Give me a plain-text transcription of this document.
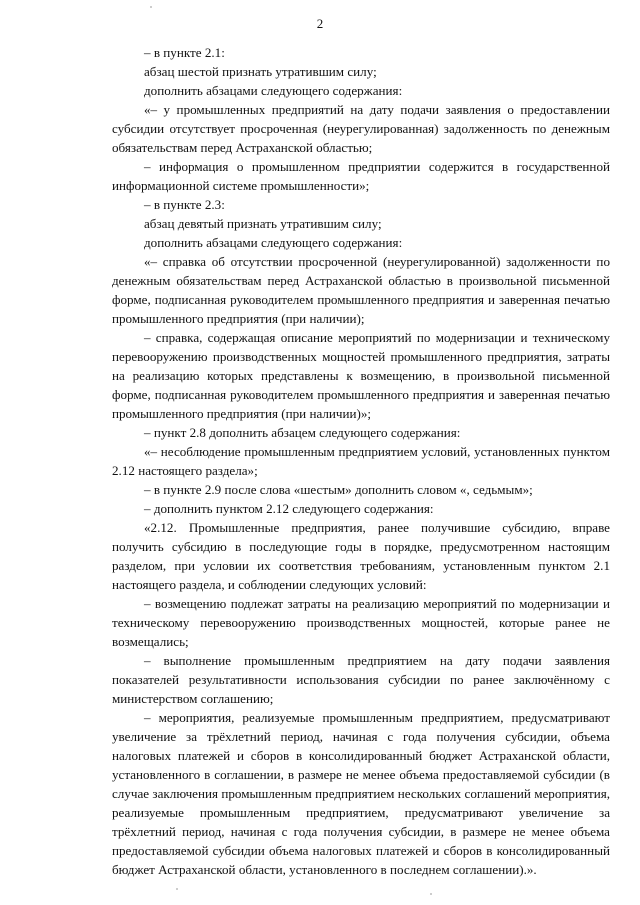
2

– в пункте 2.1:

абзац шестой признать утратившим силу;

дополнить абзацами следующего содержания:

«– у промышленных предприятий на дату подачи заявления о предоставлении субсидии отсутствует просроченная (неурегулированная) задолженность по денежным обязательствам перед Астраханской областью;

– информация о промышленном предприятии содержится в государственной информационной системе промышленности»;

– в пункте 2.3:

абзац девятый признать утратившим силу;

дополнить абзацами следующего содержания:

«– справка об отсутствии просроченной (неурегулированной) задолженности по денежным обязательствам перед Астраханской областью в произвольной письменной форме, подписанная руководителем промышленного предприятия и заверенная печатью промышленного предприятия (при наличии);

– справка, содержащая описание мероприятий по модернизации и техническому перевооружению производственных мощностей промышленного предприятия, затраты на реализацию которых представлены к возмещению, в произвольной письменной форме, подписанная руководителем промышленного предприятия и заверенная печатью промышленного предприятия (при наличии)»;

– пункт 2.8 дополнить абзацем следующего содержания:

«– несоблюдение промышленным предприятием условий, установленных пунктом 2.12 настоящего раздела»;

– в пункте 2.9 после слова «шестым» дополнить словом «, седьмым»;

– дополнить пунктом 2.12 следующего содержания:

«2.12. Промышленные предприятия, ранее получившие субсидию, вправе получить субсидию в последующие годы в порядке, предусмотренном настоящим разделом, при условии их соответствия требованиям, установленным пунктом 2.1 настоящего раздела, и соблюдении следующих условий:

– возмещению подлежат затраты на реализацию мероприятий по модернизации и техническому перевооружению производственных мощностей, которые ранее не возмещались;

– выполнение промышленным предприятием на дату подачи заявления показателей результативности использования субсидии по ранее заключённому с министерством соглашению;

– мероприятия, реализуемые промышленным предприятием, предусматривают увеличение за трёхлетний период, начиная с года получения субсидии, объема налоговых платежей и сборов в консолидированный бюджет Астраханской области, установленного в соглашении, в размере не менее объема предоставляемой субсидии (в случае заключения промышленным предприятием нескольких соглашений мероприятия, реализуемые промышленным предприятием, предусматривают увеличение за трёхлетний период, начиная с года получения субсидии, в размере не менее объема предоставляемой субсидии объема налоговых платежей и сборов в консолидированный бюджет Астраханской области, установленного в последнем соглашении).».
